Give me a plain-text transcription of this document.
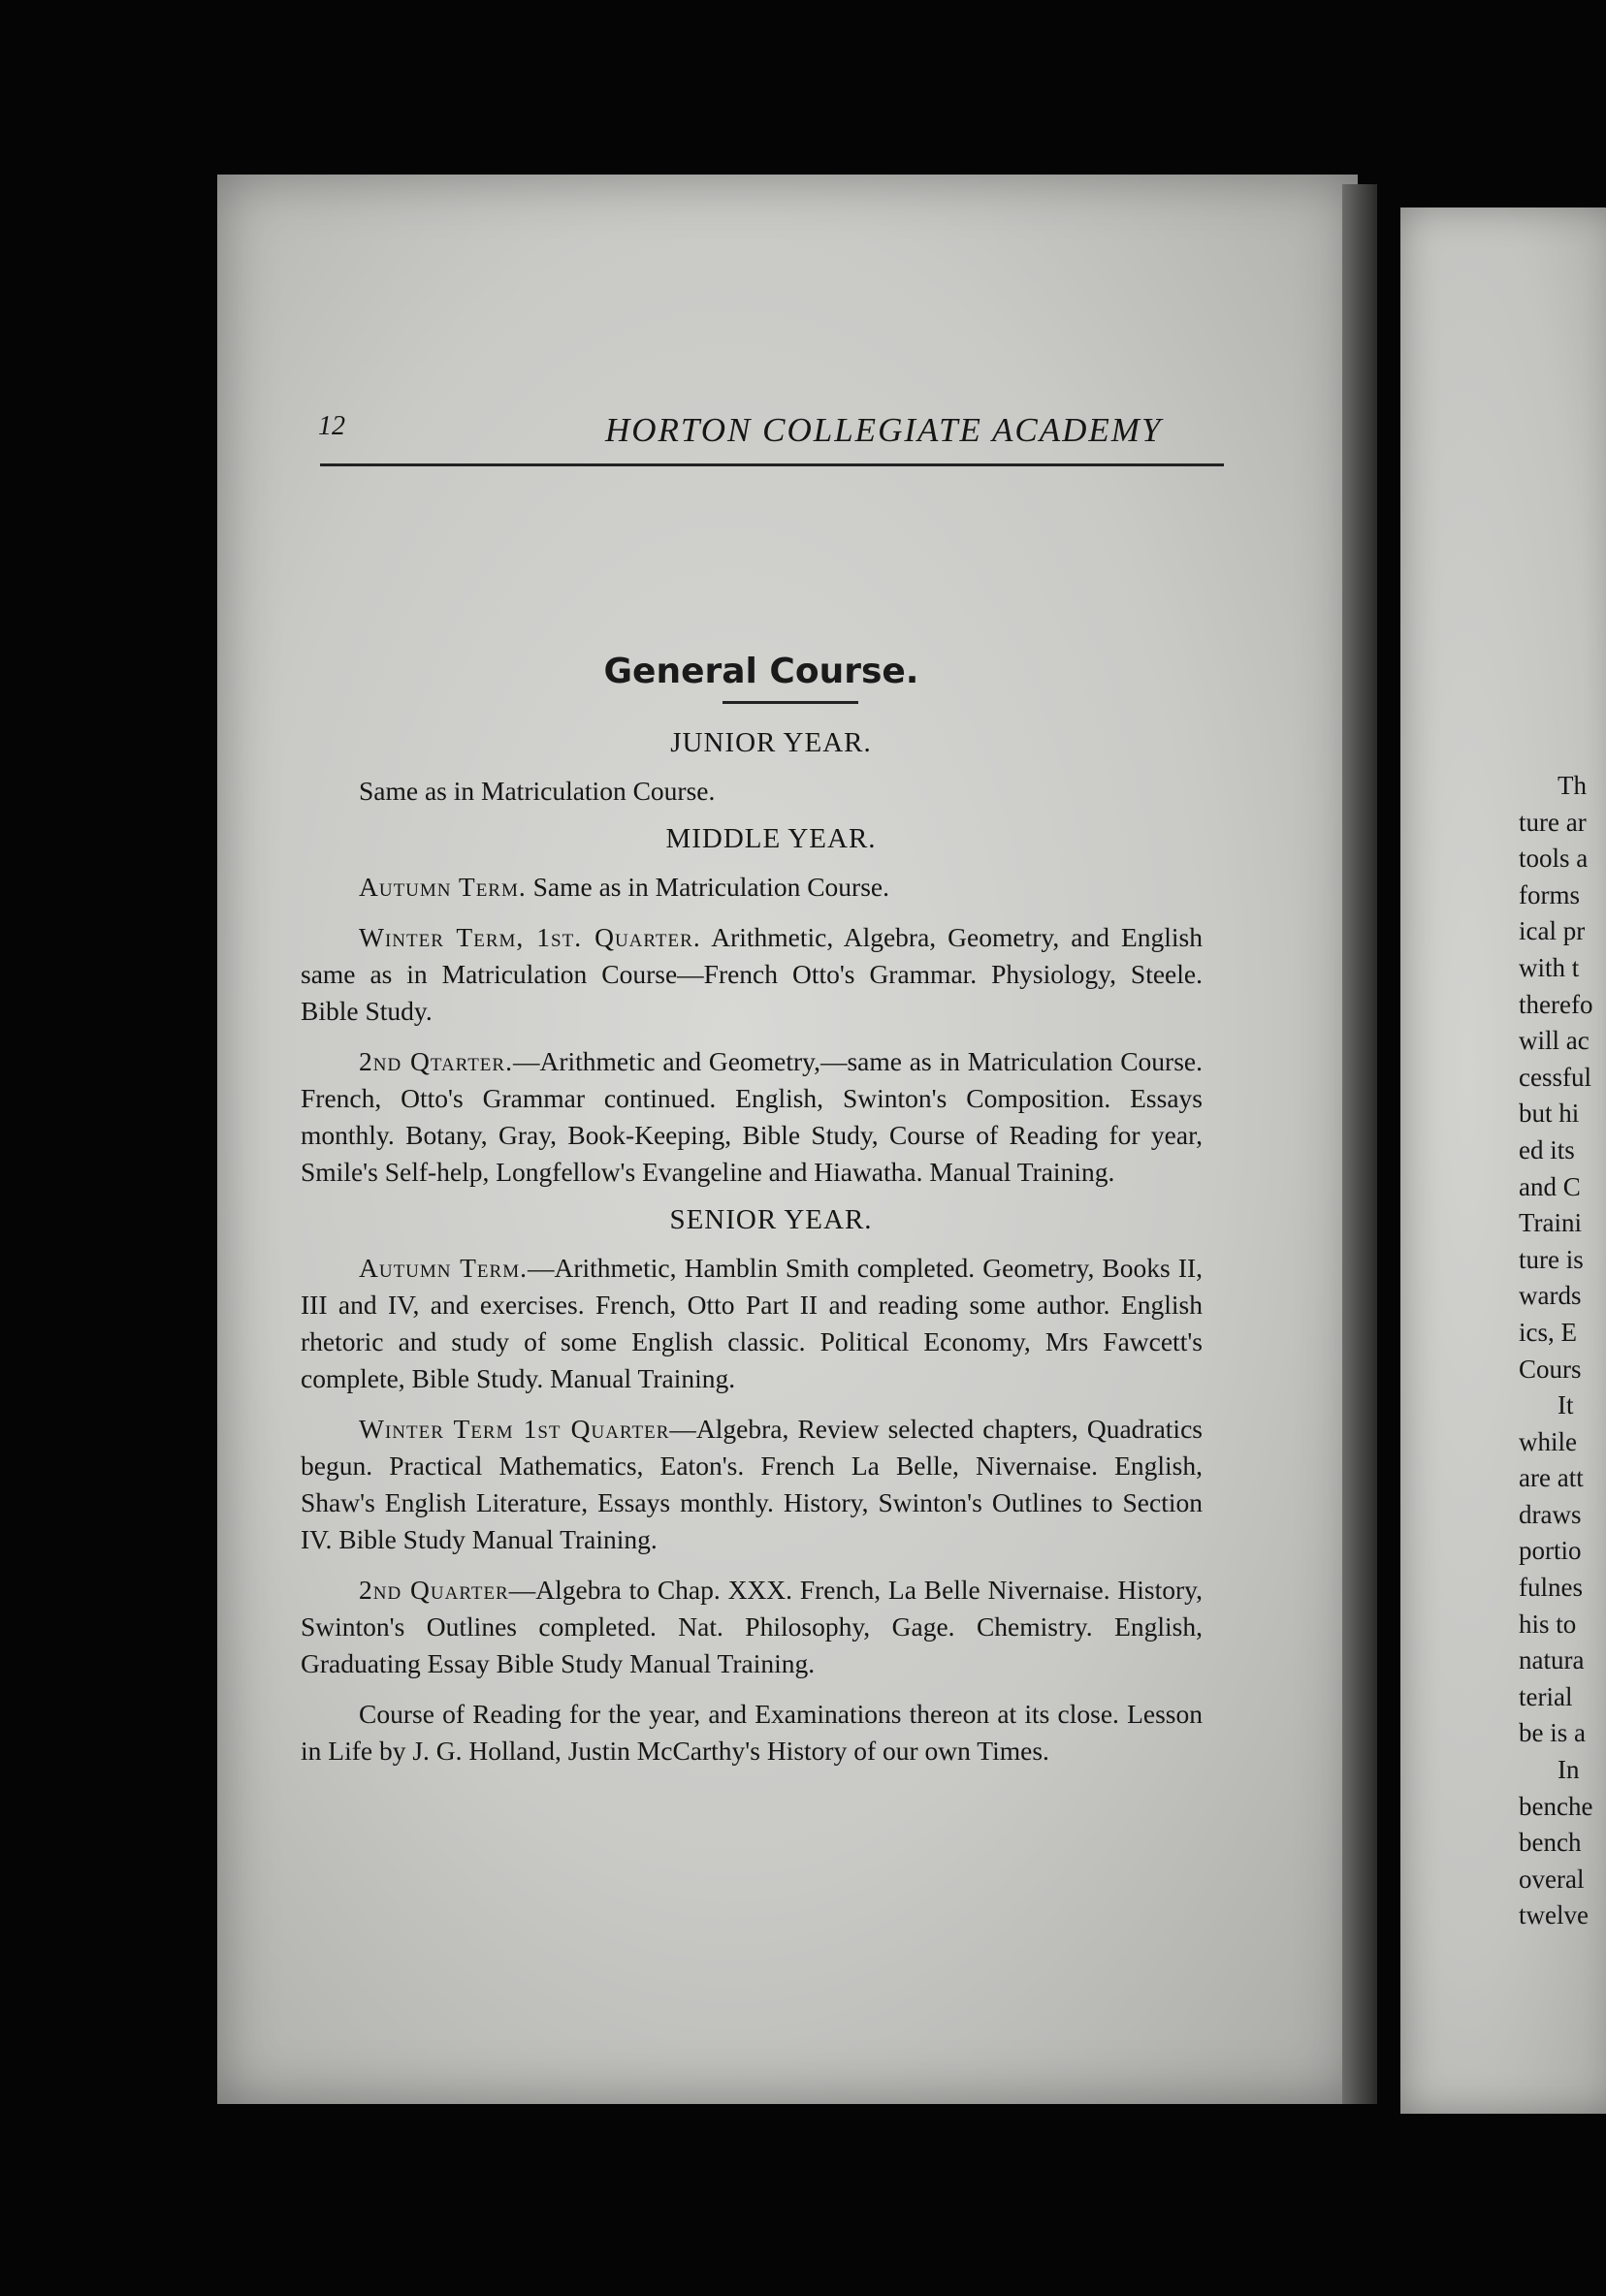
12	HORTON COLLEGIATE ACADEMY
General Course.
JUNIOR YEAR.

Same as in Matriculation Course.

MIDDLE YEAR.

Autumn Term. Same as in Matriculation Course.

Winter Term, 1st. Quarter. Arithmetic, Algebra, Geometry, and English same as in Matriculation Course—French Otto's Grammar. Physiology, Steele. Bible Study.

2nd Qtarter.—Arithmetic and Geometry,—same as in Matriculation Course. French, Otto's Grammar continued. English, Swinton's Composition. Essays monthly. Botany, Gray, Book-Keeping, Bible Study, Course of Reading for year, Smile's Self-help, Longfellow's Evangeline and Hiawatha. Manual Training.

SENIOR YEAR.

Autumn Term.—Arithmetic, Hamblin Smith completed. Geometry, Books II, III and IV, and exercises. French, Otto Part II and reading some author. English rhetoric and study of some English classic. Political Economy, Mrs Fawcett's complete, Bible Study. Manual Training.

Winter Term 1st Quarter—Algebra, Review selected chapters, Quadratics begun. Practical Mathematics, Eaton's. French La Belle, Nivernaise. English, Shaw's English Literature, Essays monthly. History, Swinton's Outlines to Section IV. Bible Study Manual Training.

2nd Quarter—Algebra to Chap. XXX. French, La Belle Nivernaise. History, Swinton's Outlines completed. Nat. Philosophy, Gage. Chemistry. English, Graduating Essay Bible Study Manual Training.

Course of Reading for the year, and Examinations thereon at its close. Lesson in Life by J. G. Holland, Justin McCarthy's History of our own Times.

Th
ture ar
tools a
forms
ical pr
with t
therefo
will ac
cessful
but hi
ed its
and C
Traini
ture is
wards
ics, E
Cours
It
while
are att
draws
portio
fulnes
his to
natura
terial
be is a
In
benche
bench
overal
twelve
